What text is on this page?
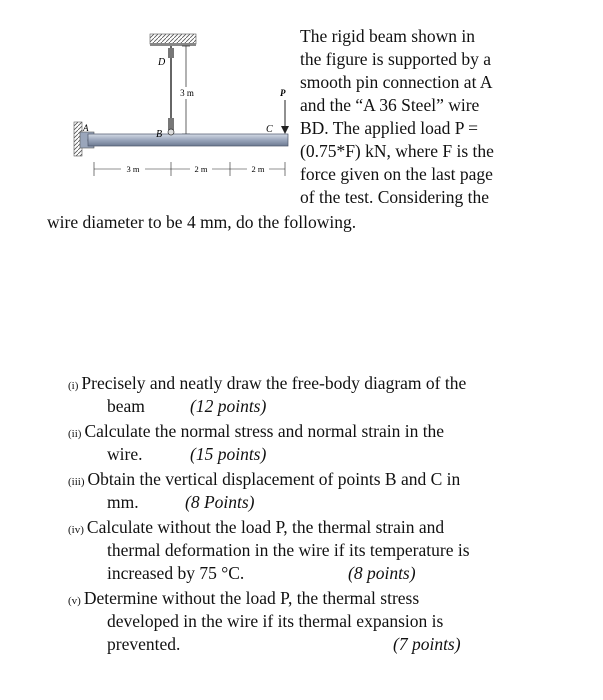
3 m
D
A
B
P
C
3 m	2 m	2 m
The rigid beam shown in
the figure is supported by a
smooth pin connection at A
and the “A 36 Steel” wire
BD. The applied load P =
(0.75*F) kN, where F is the
force given on the last page
of the test. Considering the
wire diameter to be 4 mm, do the following.
(i) Precisely and neatly draw the free-body diagram of the
beam	(12 points)
(ii) Calculate the normal stress and normal strain in the
wire.	(15 points)
(iii) Obtain the vertical displacement of points B and C in
mm.	(8 Points)
(iv) Calculate without the load P, the thermal strain and
thermal deformation in the wire if its temperature is
increased by 75 °C.	(8 points)
(v) Determine without the load P, the thermal stress
developed in the wire if its thermal expansion is
prevented.	(7 points)
